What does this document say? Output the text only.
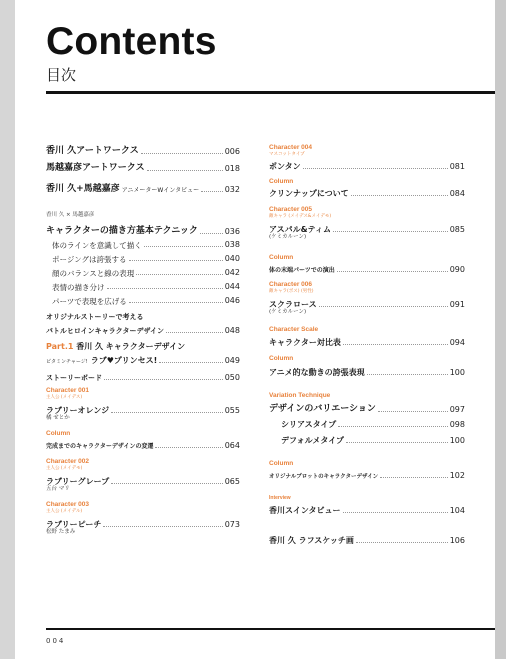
Contents
目次
香川 久アートワークス	006
馬越嘉彦アートワークス	018
香川 久+馬越嘉彦 アニメーターWインタビュー	032
香川 久 × 馬越嘉彦
キャラクターの描き方基本テクニック	036
体のラインを意識して描く	038
ポージングは誇張する	040
顔のバランスと線の表現	042
表情の描き分け	044
パーツで表現を広げる	046
オリジナルストーリーで考える
バトルヒロインキャラクターデザイン	048
Part.1 香川 久 キャラクターデザイン
ビタミンチャージ! ラブ♥プリンセス!	049
ストーリーボード	050
Character 001
主人公 (メイデス)
ラブリーオレンジ	055
橘 せとか
Column
完成までのキャラクターデザインの変遷	064
Character 002
主人公 (メイデモ)
ラブリーグレープ	065
五台 マリ
Character 003
主人公 (メイデル)
ラブリーピーチ	073
松野 たまみ
Character 004
マスコットタイプ
ポンタン	081
Column
クリンナップについて	084
Character 005
敵キャラ (メイデス&メイデモ)
アスパル&ティム	085
(ケミカルーン)
Column
体の末端パーツでの演出	090
Character 006
敵キャラ(ボス) (男性)
スクラロース	091
(ケミカルーン)
Character Scale
キャラクター対比表	094
Column
アニメ的な動きの誇張表現	100
Variation Technique
デザインのバリエーション	097
シリアスタイプ	098
デフォルメタイプ	100
Column
オリジナルプロットのキャラクターデザイン	102
Interview
香川スインタビュー	104
香川 久 ラフスケッチ画	106
004
